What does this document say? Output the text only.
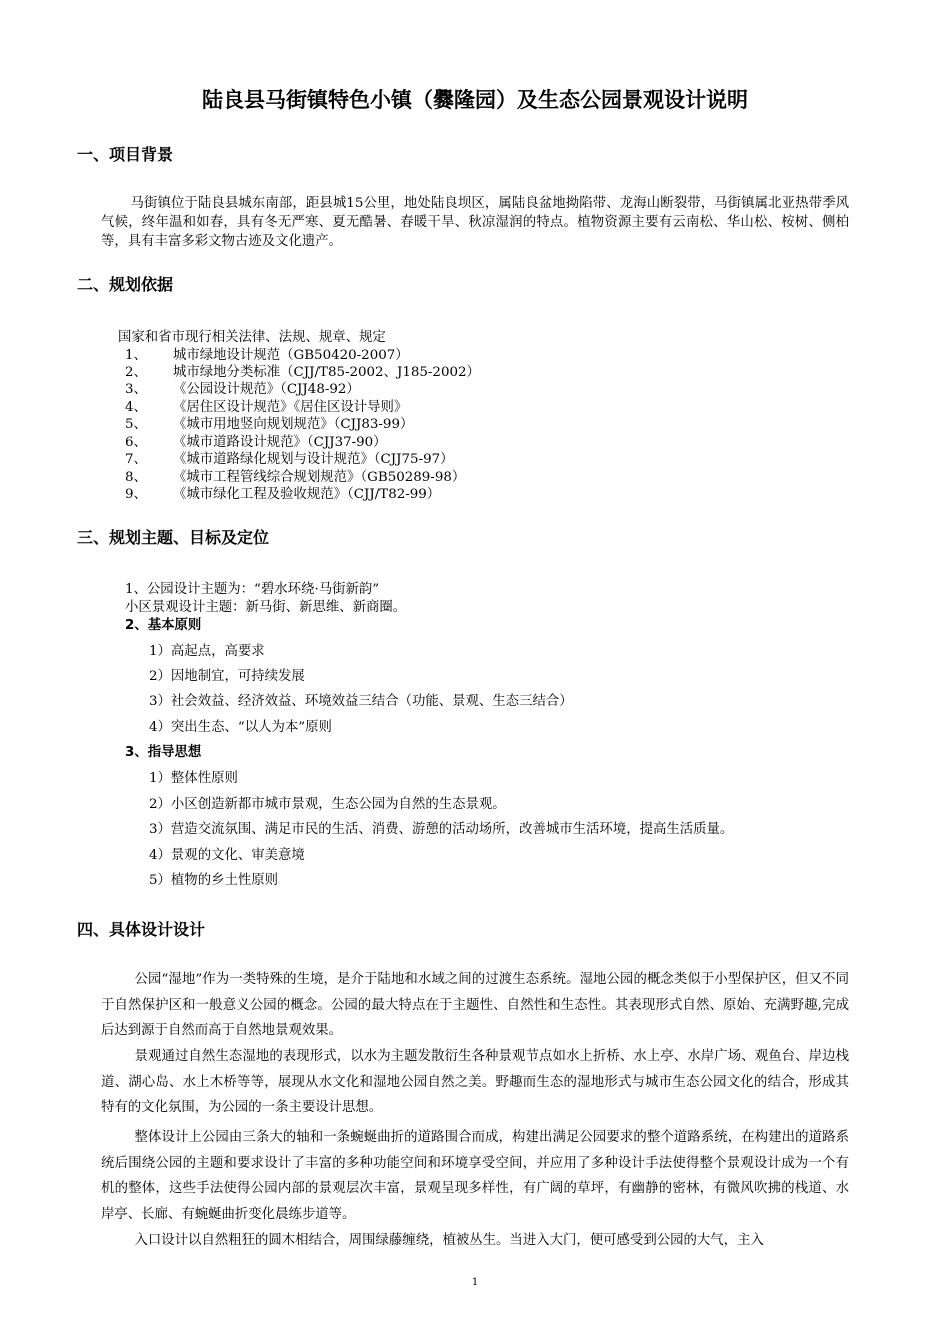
陆良县马街镇特色小镇（爨隆园）及生态公园景观设计说明
一、项目背景
马街镇位于陆良县城东南部，距县城15公里，地处陆良坝区，属陆良盆地拗陷带、龙海山断裂带，马街镇属北亚热带季风气候，终年温和如春，具有冬无严寒、夏无酷暑、春暖干旱、秋凉湿润的特点。植物资源主要有云南松、华山松、桉树、侧柏等，具有丰富多彩文物古迹及文化遗产。
二、规划依据
国家和省市现行相关法律、法规、规章、规定
1、 城市绿地设计规范（GB50420-2007）
2、 城市绿地分类标准（CJJ/T85-2002、J185-2002）
3、 《公园设计规范》（CJJ48-92）
4、 《居住区设计规范》《居住区设计导则》
5、 《城市用地竖向规划规范》（CJJ83-99）
6、 《城市道路设计规范》（CJJ37-90）
7、 《城市道路绿化规划与设计规范》（CJJ75-97）
8、 《城市工程管线综合规划规范》（GB50289-98）
9、 《城市绿化工程及验收规范》（CJJ/T82-99）
三、规划主题、目标及定位
1、公园设计主题为：“碧水环绕·马街新韵”
小区景观设计主题：新马街、新思维、新商圈。
2、基本原则
1）高起点，高要求
2）因地制宜，可持续发展
3）社会效益、经济效益、环境效益三结合（功能、景观、生态三结合）
4）突出生态、“以人为本”原则
3、指导思想
1）整体性原则
2）小区创造新都市城市景观，生态公园为自然的生态景观。
3）营造交流氛围、满足市民的生活、消费、游憩的活动场所，改善城市生活环境，提高生活质量。
4）景观的文化、审美意境
5）植物的乡土性原则
四、具体设计设计
公园“湿地”作为一类特殊的生境，是介于陆地和水域之间的过渡生态系统。湿地公园的概念类似于小型保护区，但又不同于自然保护区和一般意义公园的概念。公园的最大特点在于主题性、自然性和生态性。其表现形式自然、原始、充满野趣,完成后达到源于自然而高于自然地景观效果。
景观通过自然生态湿地的表现形式，以水为主题发散衍生各种景观节点如水上折桥、水上亭、水岸广场、观鱼台、岸边栈道、湖心岛、水上木桥等等，展现从水文化和湿地公园自然之美。野趣而生态的湿地形式与城市生态公园文化的结合，形成其特有的文化氛围，为公园的一条主要设计思想。
整体设计上公园由三条大的轴和一条蜿蜒曲折的道路围合而成，构建出满足公园要求的整个道路系统，在构建出的道路系统后围绕公园的主题和要求设计了丰富的多种功能空间和环境享受空间，并应用了多种设计手法使得整个景观设计成为一个有机的整体，这些手法使得公园内部的景观层次丰富，景观呈现多样性，有广阔的草坪，有幽静的密林，有微风吹拂的栈道、水岸亭、长廊、有蜿蜒曲折变化晨练步道等。
入口设计以自然粗狂的圆木相结合，周围绿藤缠绕，植被丛生。当进入大门，便可感受到公园的大气，主入
1
